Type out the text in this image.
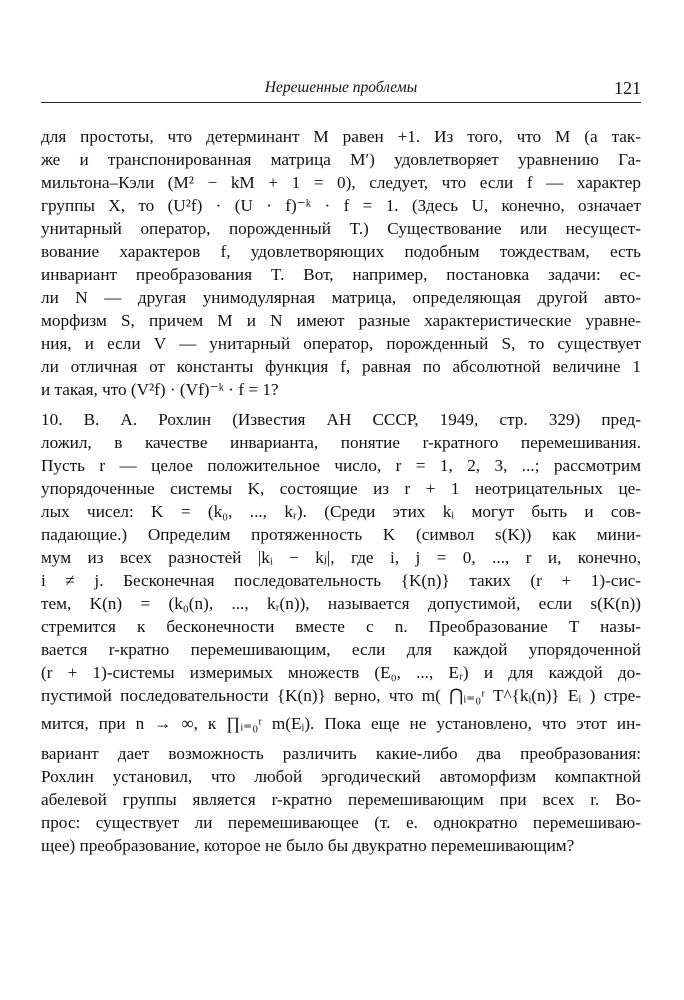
Нерешенные проблемы	121
для простоты, что детерминант M равен +1. Из того, что M (а так-
же и транспонированная матрица M′) удовлетворяет уравнению Га-
мильтона–Кэли (M² − kM + 1 = 0), следует, что если f — характер
группы X, то (U²f) · (U · f)⁻ᵏ · f = 1. (Здесь U, конечно, означает
унитарный оператор, порожденный T.) Существование или несущест-
вование характеров f, удовлетворяющих подобным тождествам, есть
инвариант преобразования T. Вот, например, постановка задачи: ес-
ли N — другая унимодулярная матрица, определяющая другой авто-
морфизм S, причем M и N имеют разные характеристические уравне-
ния, и если V — унитарный оператор, порожденный S, то существует
ли отличная от константы функция f, равная по абсолютной величине 1
и такая, что (V²f) · (Vf)⁻ᵏ · f = 1?
10. В. А. Рохлин (Известия АН СССР, 1949, стр. 329) пред-
ложил, в качестве инварианта, понятие r-кратного перемешивания.
Пусть r — целое положительное число, r = 1, 2, 3, ...; рассмотрим
упорядоченные системы K, состоящие из r + 1 неотрицательных це-
лых чисел: K = (k₀, ..., kᵣ). (Среди этих kᵢ могут быть и сов-
падающие.) Определим протяженность K (символ s(K)) как мини-
мум из всех разностей |kᵢ − kⱼ|, где i, j = 0, ..., r и, конечно,
i ≠ j. Бесконечная последовательность {K(n)} таких (r + 1)-сис-
тем, K(n) = (k₀(n), ..., kᵣ(n)), называется допустимой, если s(K(n))
стремится к бесконечности вместе с n. Преобразование T назы-
вается r-кратно перемешивающим, если для каждой упорядоченной
(r + 1)-системы измеримых множеств (E₀, ..., Eᵣ) и для каждой до-
пустимой последовательности {K(n)} верно, что m( ⋂ᵢ₌₀ʳ T^{kᵢ(n)} Eᵢ ) стре-
мится, при n → ∞, к ∏ᵢ₌₀ʳ m(Eᵢ). Пока еще не установлено, что этот ин-
вариант дает возможность различить какие-либо два преобразования:
Рохлин установил, что любой эргодический автоморфизм компактной
абелевой группы является r-кратно перемешивающим при всех r. Во-
прос: существует ли перемешивающее (т. е. однократно перемешиваю-
щее) преобразование, которое не было бы двукратно перемешивающим?
